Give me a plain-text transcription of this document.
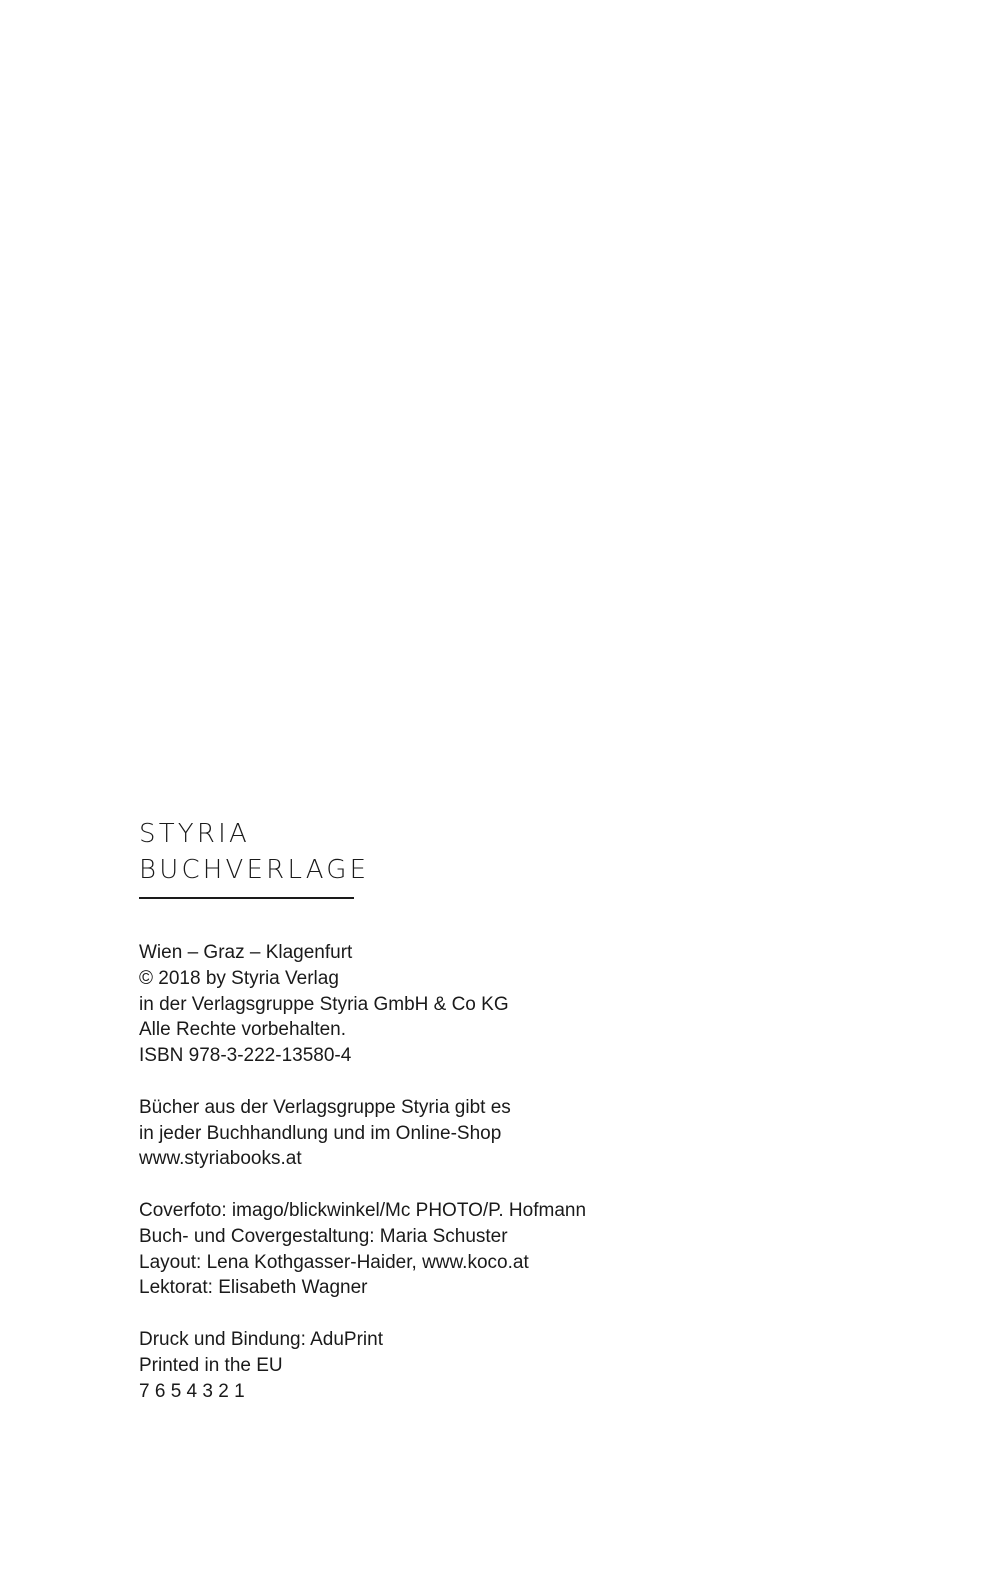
STYRIA
BUCHVERLAGE
Wien – Graz – Klagenfurt
© 2018 by Styria Verlag
in der Verlagsgruppe Styria GmbH & Co KG
Alle Rechte vorbehalten.
ISBN 978-3-222-13580-4
Bücher aus der Verlagsgruppe Styria gibt es
in jeder Buchhandlung und im Online-Shop
www.styriabooks.at
Coverfoto: imago/blickwinkel/Mc PHOTO/P. Hofmann
Buch- und Covergestaltung: Maria Schuster
Layout: Lena Kothgasser-Haider, www.koco.at
Lektorat: Elisabeth Wagner
Druck und Bindung: AduPrint
Printed in the EU
7 6 5 4 3 2 1
